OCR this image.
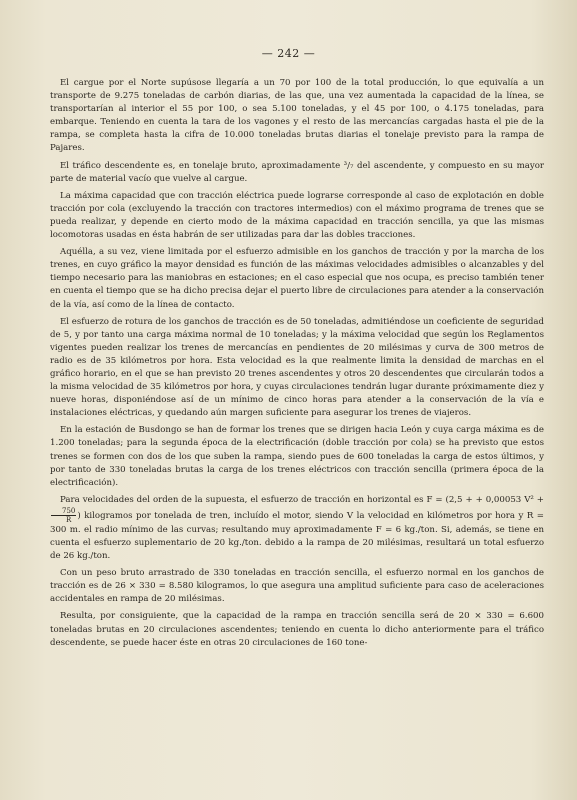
— 242 —

El cargue por el Norte supúsose llegaría a un 70 por 100 de la total producción, lo que equivalía a un transporte de 9.275 toneladas de carbón diarias, de las que, una vez aumentada la capacidad de la línea, se transportarían al interior el 55 por 100, o sea 5.100 toneladas, y el 45 por 100, o 4.175 toneladas, para embarque. Teniendo en cuenta la tara de los vagones y el resto de las mercancías cargadas hasta el pie de la rampa, se completa hasta la cifra de 10.000 toneladas brutas diarias el tonelaje previsto para la rampa de Pajares.

El tráfico descendente es, en tonelaje bruto, aproximadamente ³/₇ del ascendente, y compuesto en su mayor parte de material vacío que vuelve al cargue.

La máxima capacidad que con tracción eléctrica puede lograrse corresponde al caso de explotación en doble tracción por cola (excluyendo la tracción con tractores intermedios) con el máximo programa de trenes que se pueda realizar, y depende en cierto modo de la máxima capacidad en tracción sencilla, ya que las mismas locomotoras usadas en ésta habrán de ser utilizadas para dar las dobles tracciones.

Aquélla, a su vez, viene limitada por el esfuerzo admisible en los ganchos de tracción y por la marcha de los trenes, en cuyo gráfico la mayor densidad es función de las máximas velocidades admisibles o alcanzables y del tiempo necesario para las maniobras en estaciones; en el caso especial que nos ocupa, es preciso también tener en cuenta el tiempo que se ha dicho precisa dejar el puerto libre de circulaciones para atender a la conservación de la vía, así como de la línea de contacto.

El esfuerzo de rotura de los ganchos de tracción es de 50 toneladas, admitiéndose un coeficiente de seguridad de 5, y por tanto una carga máxima normal de 10 toneladas; y la máxima velocidad que según los Reglamentos vigentes pueden realizar los trenes de mercancías en pendientes de 20 milésimas y curva de 300 metros de radio es de 35 kilómetros por hora. Esta velocidad es la que realmente limita la densidad de marchas en el gráfico horario, en el que se han previsto 20 trenes ascendentes y otros 20 descendentes que circularán todos a la misma velocidad de 35 kilómetros por hora, y cuyas circulaciones tendrán lugar durante próximamente diez y nueve horas, disponiéndose así de un mínimo de cinco horas para atender a la conservación de la vía e instalaciones eléctricas, y quedando aún margen suficiente para asegurar los trenes de viajeros.

En la estación de Busdongo se han de formar los trenes que se dirigen hacia León y cuya carga máxima es de 1.200 toneladas; para la segunda época de la electrificación (doble tracción por cola) se ha previsto que estos trenes se formen con dos de los que suben la rampa, siendo pues de 600 toneladas la carga de estos últimos, y por tanto de 330 toneladas brutas la carga de los trenes eléctricos con tracción sencilla (primera época de la electrificación).

Para velocidades del orden de la supuesta, el esfuerzo de tracción en horizontal es F = (2,5 + + 0,00053 V² +
$\frac{750}{R}$ ) kilogramos por tonelada de tren, incluído el motor, siendo V la velocidad en kilómetros por hora y R = 300 m. el radio mínimo de las curvas; resultando muy aproximadamente F = 6 kg./ton. Si, además, se tiene en cuenta el esfuerzo suplementario de 20 kg./ton. debido a la rampa de 20 milésimas, resultará un total esfuerzo de 26 kg./ton.

Con un peso bruto arrastrado de 330 toneladas en tracción sencilla, el esfuerzo normal en los ganchos de tracción es de 26 × 330 = 8.580 kilogramos, lo que asegura una amplitud suficiente para caso de aceleraciones accidentales en rampa de 20 milésimas.

Resulta, por consiguiente, que la capacidad de la rampa en tracción sencilla será de 20 × 330 = 6.600 toneladas brutas en 20 circulaciones ascendentes; teniendo en cuenta lo dicho anteriormente para el tráfico descendente, se puede hacer éste en otras 20 circulaciones de 160 tone-
